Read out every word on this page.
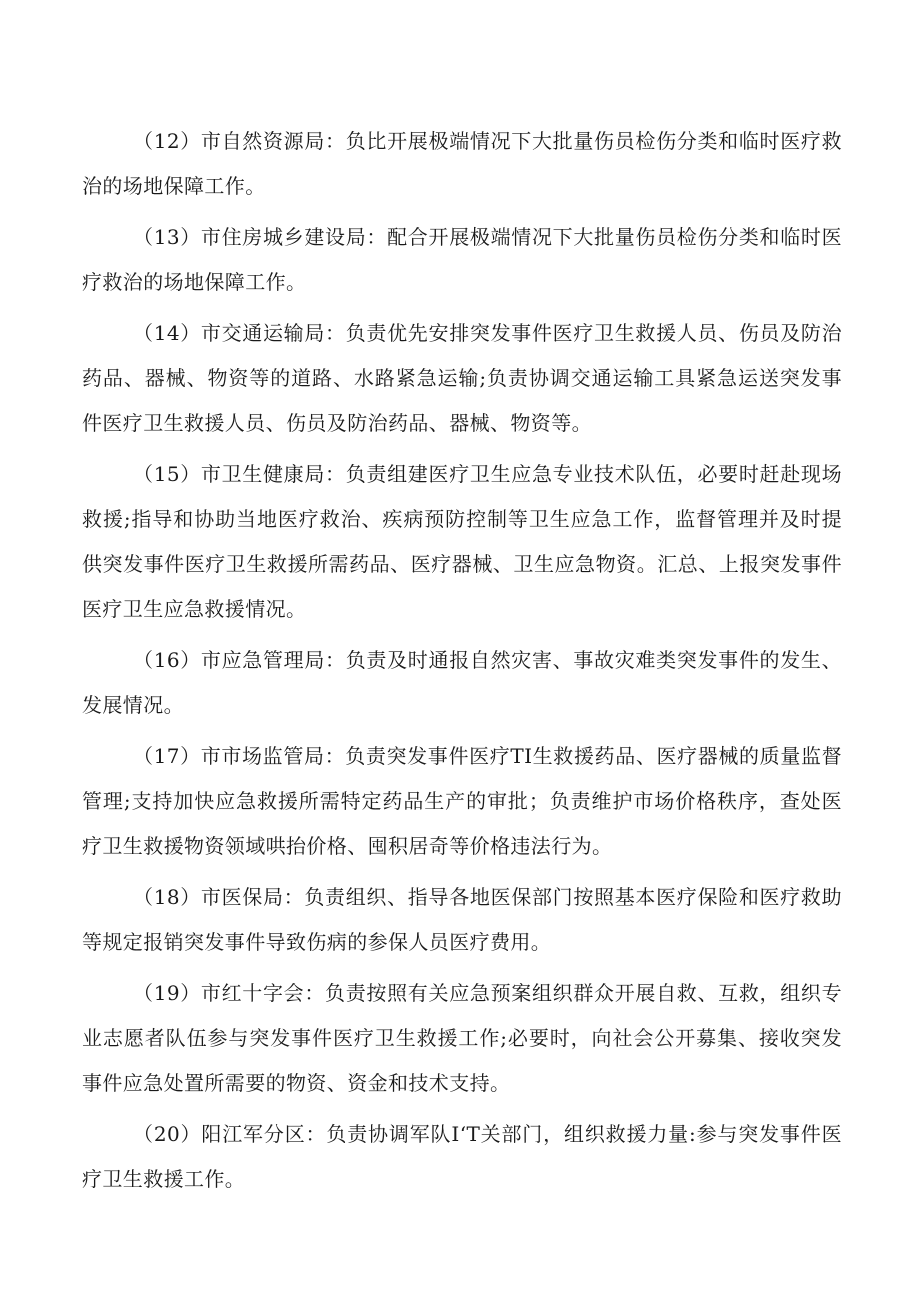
（12）市自然资源局：负比开展极端情况下大批量伤员检伤分类和临时医疗救治的场地保障工作。

（13）市住房城乡建设局：配合开展极端情况下大批量伤员检伤分类和临时医疗救治的场地保障工作。

（14）市交通运输局：负责优先安排突发事件医疗卫生救援人员、伤员及防治药品、器械、物资等的道路、水路紧急运输;负责协调交通运输工具紧急运送突发事件医疗卫生救援人员、伤员及防治药品、器械、物资等。

（15）市卫生健康局：负责组建医疗卫生应急专业技术队伍，必要时赶赴现场救援;指导和协助当地医疗救治、疾病预防控制等卫生应急工作，监督管理并及时提供突发事件医疗卫生救援所需药品、医疗器械、卫生应急物资。汇总、上报突发事件医疗卫生应急救援情况。

（16）市应急管理局：负责及时通报自然灾害、事故灾难类突发事件的发生、发展情况。

（17）市市场监管局：负责突发事件医疗TI生救援药品、医疗器械的质量监督管理;支持加快应急救援所需特定药品生产的审批；负责维护市场价格秩序，查处医疗卫生救援物资领域哄抬价格、囤积居奇等价格违法行为。

（18）市医保局：负责组织、指导各地医保部门按照基本医疗保险和医疗救助等规定报销突发事件导致伤病的参保人员医疗费用。

（19）市红十字会：负责按照有关应急预案组织群众开展自救、互救，组织专业志愿者队伍参与突发事件医疗卫生救援工作;必要时，向社会公开募集、接收突发事件应急处置所需要的物资、资金和技术支持。

（20）阳江军分区：负责协调军队I‘T关部门，组织救援力量:参与突发事件医疗卫生救援工作。
